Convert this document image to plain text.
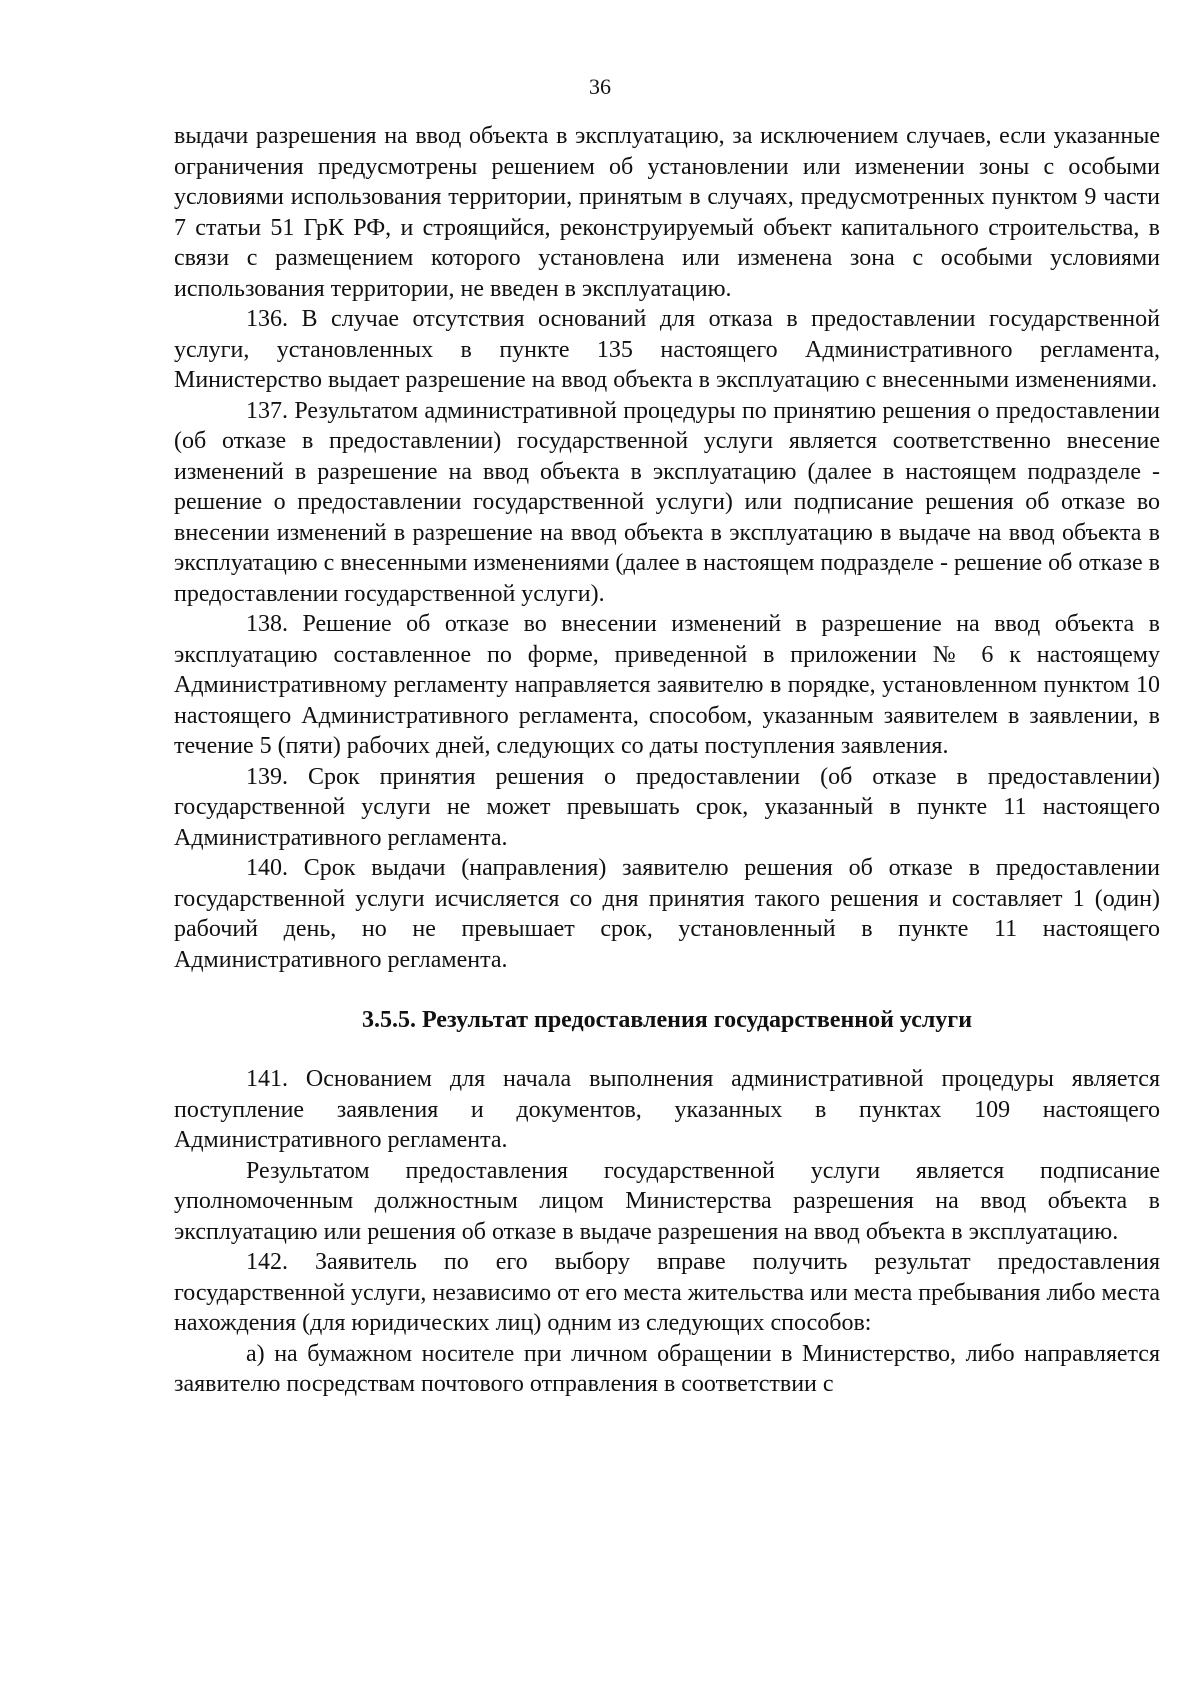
36

выдачи разрешения на ввод объекта в эксплуатацию, за исключением случаев, если указанные ограничения предусмотрены решением об установлении или изменении зоны с особыми условиями использования территории, принятым в случаях, предусмотренных пунктом 9 части 7 статьи 51 ГрК РФ, и строящийся, реконструируемый объект капитального строительства, в связи с размещением которого установлена или изменена зона с особыми условиями использования территории, не введен в эксплуатацию.

136. В случае отсутствия оснований для отказа в предоставлении государственной услуги, установленных в пункте 135 настоящего Административного регламента, Министерство выдает разрешение на ввод объекта в эксплуатацию с внесенными изменениями.

137. Результатом административной процедуры по принятию решения о предоставлении (об отказе в предоставлении) государственной услуги является соответственно внесение изменений в разрешение на ввод объекта в эксплуатацию (далее в настоящем подразделе - решение о предоставлении государственной услуги) или подписание решения об отказе во внесении изменений в разрешение на ввод объекта в эксплуатацию в выдаче на ввод объекта в эксплуатацию с внесенными изменениями (далее в настоящем подразделе - решение об отказе в предоставлении государственной услуги).

138. Решение об отказе во внесении изменений в разрешение на ввод объекта в эксплуатацию составленное по форме, приведенной в приложении № 6 к настоящему Административному регламенту направляется заявителю в порядке, установленном пунктом 10 настоящего Административного регламента, способом, указанным заявителем в заявлении, в течение 5 (пяти) рабочих дней, следующих со даты поступления заявления.

139. Срок принятия решения о предоставлении (об отказе в предоставлении) государственной услуги не может превышать срок, указанный в пункте 11 настоящего Административного регламента.

140. Срок выдачи (направления) заявителю решения об отказе в предоставлении государственной услуги исчисляется со дня принятия такого решения и составляет 1 (один) рабочий день, но не превышает срок, установленный в пункте 11 настоящего Административного регламента.

3.5.5. Результат предоставления государственной услуги

141. Основанием для начала выполнения административной процедуры является поступление заявления и документов, указанных в пунктах 109 настоящего Административного регламента.

Результатом предоставления государственной услуги является подписание уполномоченным должностным лицом Министерства разрешения на ввод объекта в эксплуатацию или решения об отказе в выдаче разрешения на ввод объекта в эксплуатацию.

142. Заявитель по его выбору вправе получить результат предоставления государственной услуги, независимо от его места жительства или места пребывания либо места нахождения (для юридических лиц) одним из следующих способов:

а) на бумажном носителе при личном обращении в Министерство, либо направляется заявителю посредствам почтового отправления в соответствии с
